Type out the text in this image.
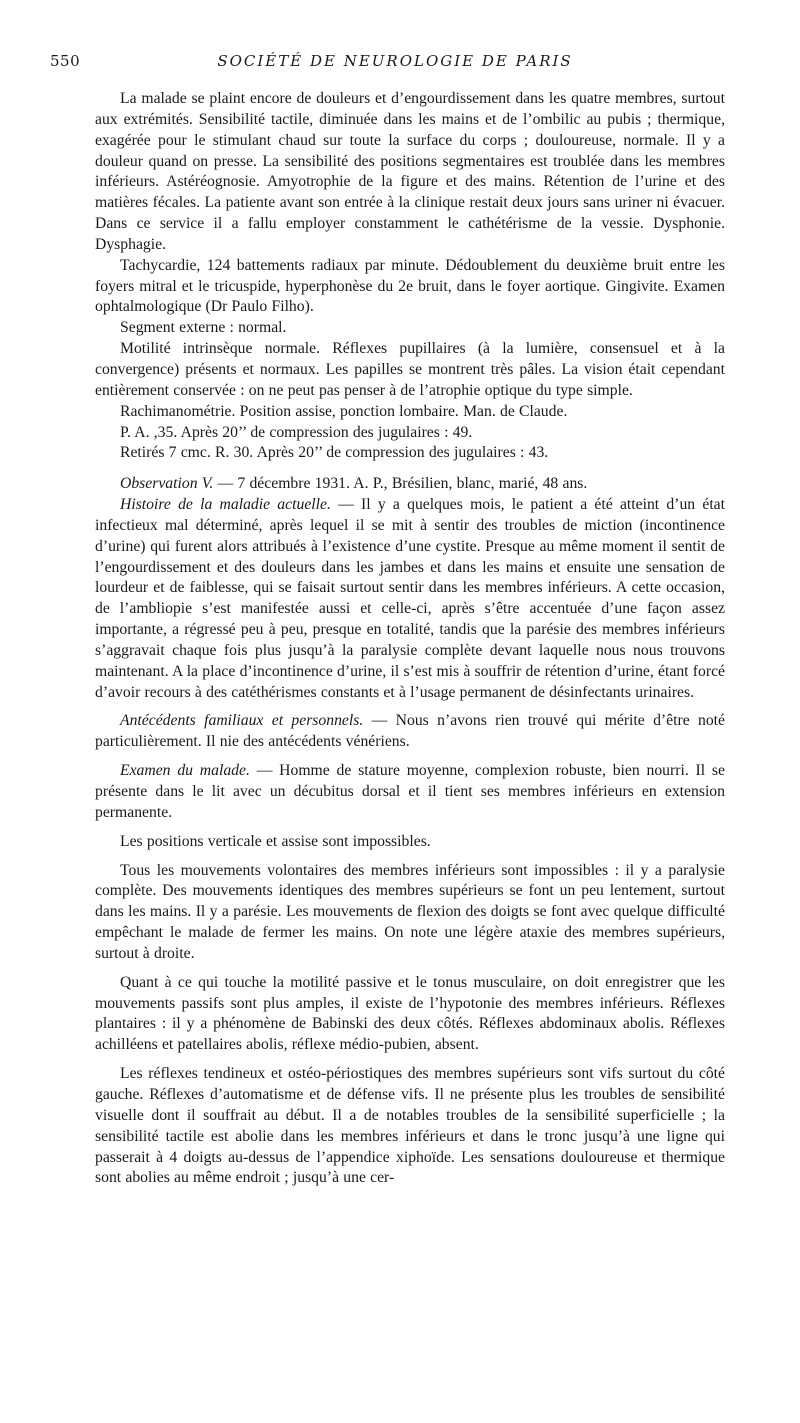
550	SOCIÉTÉ DE NEUROLOGIE DE PARIS

La malade se plaint encore de douleurs et d’engourdissement dans les quatre membres, surtout aux extrémités. Sensibilité tactile, diminuée dans les mains et de l’ombilic au pubis ; thermique, exagérée pour le stimulant chaud sur toute la surface du corps ; douloureuse, normale. Il y a douleur quand on presse. La sensibilité des positions segmentaires est troublée dans les membres inférieurs. Astéréognosie. Amyotrophie de la figure et des mains. Rétention de l’urine et des matières fécales. La patiente avant son entrée à la clinique restait deux jours sans uriner ni évacuer. Dans ce service il a fallu employer constamment le cathétérisme de la vessie. Dysphonie. Dysphagie.

Tachycardie, 124 battements radiaux par minute. Dédoublement du deuxième bruit entre les foyers mitral et le tricuspide, hyperphonèse du 2e bruit, dans le foyer aortique. Gingivite. Examen ophtalmologique (Dr Paulo Filho).

Segment externe : normal.

Motilité intrinsèque normale. Réflexes pupillaires (à la lumière, consensuel et à la convergence) présents et normaux. Les papilles se montrent très pâles. La vision était cependant entièrement conservée : on ne peut pas penser à de l’atrophie optique du type simple.

Rachimanométrie. Position assise, ponction lombaire. Man. de Claude.

P. A. ,35. Après 20’’ de compression des jugulaires : 49.

Retirés 7 cmc. R. 30. Après 20’’ de compression des jugulaires : 43.

Observation V. — 7 décembre 1931. A. P., Brésilien, blanc, marié, 48 ans.

Histoire de la maladie actuelle. — Il y a quelques mois, le patient a été atteint d’un état infectieux mal déterminé, après lequel il se mit à sentir des troubles de miction (incontinence d’urine) qui furent alors attribués à l’existence d’une cystite. Presque au même moment il sentit de l’engourdissement et des douleurs dans les jambes et dans les mains et ensuite une sensation de lourdeur et de faiblesse, qui se faisait surtout sentir dans les membres inférieurs. A cette occasion, de l’ambliopie s’est manifestée aussi et celle-ci, après s’être accentuée d’une façon assez importante, a régressé peu à peu, presque en totalité, tandis que la parésie des membres inférieurs s’aggravait chaque fois plus jusqu’à la paralysie complète devant laquelle nous nous trouvons maintenant. A la place d’incontinence d’urine, il s’est mis à souffrir de rétention d’urine, étant forcé d’avoir recours à des catéthérismes constants et à l’usage permanent de désinfectants urinaires.

Antécédents familiaux et personnels. — Nous n’avons rien trouvé qui mérite d’être noté particulièrement. Il nie des antécédents vénériens.

Examen du malade. — Homme de stature moyenne, complexion robuste, bien nourri. Il se présente dans le lit avec un décubitus dorsal et il tient ses membres inférieurs en extension permanente.

Les positions verticale et assise sont impossibles.

Tous les mouvements volontaires des membres inférieurs sont impossibles : il y a paralysie complète. Des mouvements identiques des membres supérieurs se font un peu lentement, surtout dans les mains. Il y a parésie. Les mouvements de flexion des doigts se font avec quelque difficulté empêchant le malade de fermer les mains. On note une légère ataxie des membres supérieurs, surtout à droite.

Quant à ce qui touche la motilité passive et le tonus musculaire, on doit enregistrer que les mouvements passifs sont plus amples, il existe de l’hypotonie des membres inférieurs. Réflexes plantaires : il y a phénomène de Babinski des deux côtés. Réflexes abdominaux abolis. Réflexes achilléens et patellaires abolis, réflexe médio-pubien, absent.

Les réflexes tendineux et ostéo-périostiques des membres supérieurs sont vifs surtout du côté gauche. Réflexes d’automatisme et de défense vifs. Il ne présente plus les troubles de sensibilité visuelle dont il souffrait au début. Il a de notables troubles de la sensibilité superficielle ; la sensibilité tactile est abolie dans les membres inférieurs et dans le tronc jusqu’à une ligne qui passerait à 4 doigts au-dessus de l’appendice xiphoïde. Les sensations douloureuse et thermique sont abolies au même endroit ; jusqu’à une cer-
